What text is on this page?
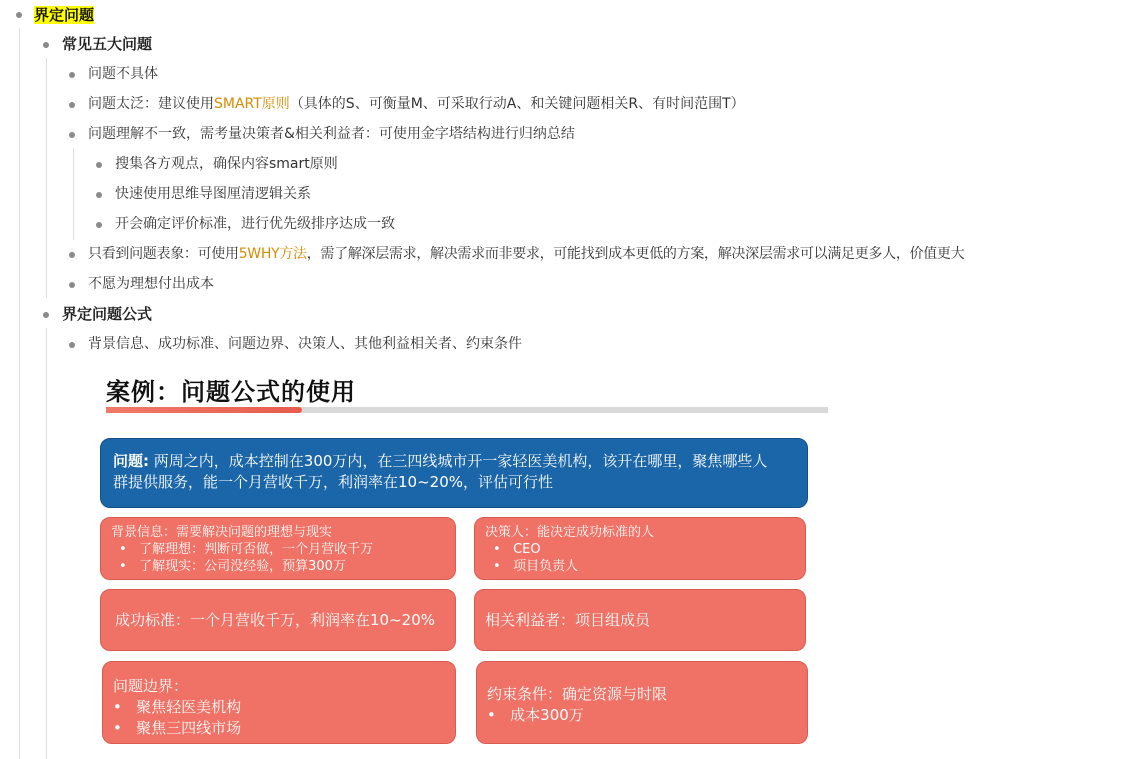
界定问题
常见五大问题
问题不具体
问题太泛：建议使用SMART原则（具体的S、可衡量M、可采取行动A、和关键问题相关R、有时间范围T）
问题理解不一致，需考量决策者&相关利益者：可使用金字塔结构进行归纳总结
搜集各方观点，确保内容smart原则
快速使用思维导图厘清逻辑关系
开会确定评价标准，进行优先级排序达成一致
只看到问题表象：可使用5WHY方法，需了解深层需求，解决需求而非要求，可能找到成本更低的方案，解决深层需求可以满足更多人，价值更大
不愿为理想付出成本
界定问题公式
背景信息、成功标准、问题边界、决策人、其他利益相关者、约束条件
案例：问题公式的使用
问题: 两周之内，成本控制在300万内，在三四线城市开一家轻医美机构，该开在哪里，聚焦哪些人
群提供服务，能一个月营收千万，利润率在10~20%，评估可行性
背景信息：需要解决问题的理想与现实
• 了解理想：判断可否做，一个月营收千万
• 了解现实：公司没经验，预算300万
决策人：能决定成功标准的人
• CEO
• 项目负责人
成功标准：一个月营收千万，利润率在10~20%	相关利益者：项目组成员
问题边界：
• 聚焦轻医美机构
• 聚焦三四线市场
约束条件：确定资源与时限
• 成本300万
